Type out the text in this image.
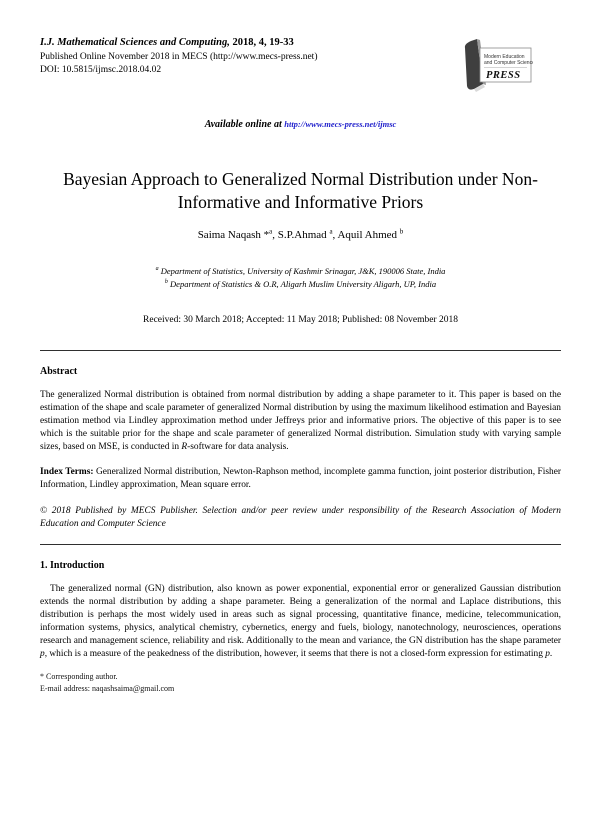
I.J. Mathematical Sciences and Computing, 2018, 4, 19-33
Published Online November 2018 in MECS (http://www.mecs-press.net)
DOI: 10.5815/ijmsc.2018.04.02
Modern Education
and Computer Science
PRESS
Available online at http://www.mecs-press.net/ijmsc
Bayesian Approach to Generalized Normal Distribution under Non-
Informative and Informative Priors
Saima Naqash *$^a$, S.P.Ahmad $^a$, Aquil Ahmed $^b$
$^a$ Department of Statistics, University of Kashmir Srinagar, J&K, 190006 State, India
$^b$ Department of Statistics & O.R, Aligarh Muslim University Aligarh, UP, India
Received: 30 March 2018; Accepted: 11 May 2018; Published: 08 November 2018
Abstract

The generalized Normal distribution is obtained from normal distribution by adding a shape parameter to it. This paper is based on the estimation of the shape and scale parameter of generalized Normal distribution by using the maximum likelihood estimation and Bayesian estimation method via Lindley approximation method under Jeffreys prior and informative priors. The objective of this paper is to see which is the suitable prior for the shape and scale parameter of generalized Normal distribution. Simulation study with varying sample sizes, based on MSE, is conducted in R-software for data analysis.

Index Terms: Generalized Normal distribution, Newton-Raphson method, incomplete gamma function, joint posterior distribution, Fisher Information, Lindley approximation, Mean square error.

© 2018 Published by MECS Publisher. Selection and/or peer review under responsibility of the Research Association of Modern Education and Computer Science

1. Introduction

The generalized normal (GN) distribution, also known as power exponential, exponential error or generalized Gaussian distribution extends the normal distribution by adding a shape parameter. Being a generalization of the normal and Laplace distributions, this distribution is perhaps the most widely used in areas such as signal processing, quantitative finance, medicine, telecommunication, information systems, physics, analytical chemistry, cybernetics, energy and fuels, biology, nanotechnology, neurosciences, operations research and management science, reliability and risk. Additionally to the mean and variance, the GN distribution has the shape parameter p, which is a measure of the peakedness of the distribution, however, it seems that there is not a closed-form expression for estimating p.

* Corresponding author.
E-mail address: naqashsaima@gmail.com
